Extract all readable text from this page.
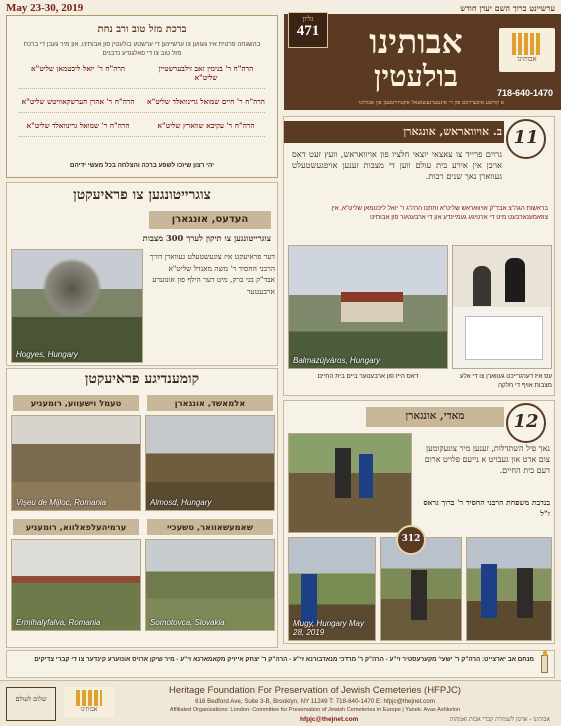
May 23-30, 2019	ערשיינט ברוך השם יעדן חודש
גליון
471	אבותינו
בולעטין	אבותינו
718-640-1470
א קורצע איבערזיכט פון די אינטערנעשאנאל אקטיוויטעטן פון אבותינו
ברכת מזל טוב ורב נחת
בהשגחה פרטית איז געווען צו ערשיינען די ערשטע בולעטין פון אבותינו, און מיר געבן די ברכת מזל טוב צו די פאלגנדע נדבנים
הרה"ח ר' יואל ליכטמאן שליט"א	הרה"ח ר' בנימין זאב זילבערשטיין שליט"א
הרה"ח ר' אהרן הערשקאוויטש שליט"א	הרה"ח ר' חיים שמואל גרינוואלד שליט"א
הרה"ח ר' שמואל גרינוואלד שליט"א	הרה"ח ר' עקיבא שווארץ שליט"א
יהי רצון שיזכו לשפע ברכה והצלחה בכל מעשי ידיהם
ב. אויוואראש, אונגארן 11
גרוים פרייד צו צאצאי יוצאי חלציו פון אויוואראש, וועץ זעט דאס אויבן אין אירע בית עולם ווען די מצבות זענען אויפגעשטעלט געווארן נאך שנים רבות.
בראשות הגה"צ אבד"ק אויוואראש שליט"א וחתנו הרה"ג ר' יואל ליכטמאן שליט"א, אין צוזאמענארבעט מיט די ארטיגע געמיינדע און די ארבעטער פון אבותינו
Balmazújváros, Hungary
דאס הייז פון ארבעטער ביים בית החיים	עס איז דערגרייכט געווארן צו די אלע מצבות אויף די חלקה
צוגרייטונגען צו פראיעקטן
העדעס, אונגארן
צוגרייטונגען צו תיקון לערך 300 מצבות
Hogyes, Hungary
דער פראיעקט איז צוגעשטעלט געווארן דורך הרבני החסיד ר' משה מאנדל שליט"א אבד"ק בני ברק, מיט דער הילף פון אונזערע ארבעטער
קומענדיגע פראיעקטן
אלמאשד, אונגארן
Almosd, Hungary
טעמל וישעווע, רומעניע
Vișeu de Mijloc, Romania
שאמעשאוואר, טשעכיי
Somotovca, Slovakia
ערמיהעלפאלווא, רומעניע
Ermihalyfalva, Romania
מאדי, אונגארן	12
נאך פיל השתדלות, זענען מיר צוגעקומען צום ארט און געבויט א נייעם פלויט ארום דעם בית החיים.
בנדבת משפחת הרבני החסיד ר' ברוך גראס ז"ל
Mugy, Hungary May 28, 2019
312
מנחם אב יארצייט: הרה"ק ר' ישעי' מקערעסטיר זי"ע - הרה"ק ר' מרדכי מנאדבורנא זי"ע - הרה"ק ר' יצחק אייזיק מקאמארנא זי"ע - מיר שיקן ארויס אונזערע קינדער צו די קברי צדיקים
שלום לעולם
אבותינו
Heritage Foundation For Preservation of Jewish Cemeteries (HFPJC)
616 Bedford Ave, Suite 3-B, Brooklyn, NY 11249 T: 718-640-1470 E: hfpjc@thejnet.com
Affiliated Organizations: London: Committee for Preservation of Jewish Cemeteries in Europe | Yanek: Avas Ashkelon
hfpjc@thejnet.com	אבותינו - ארגון לשמירת קברי אבות ואמהות
